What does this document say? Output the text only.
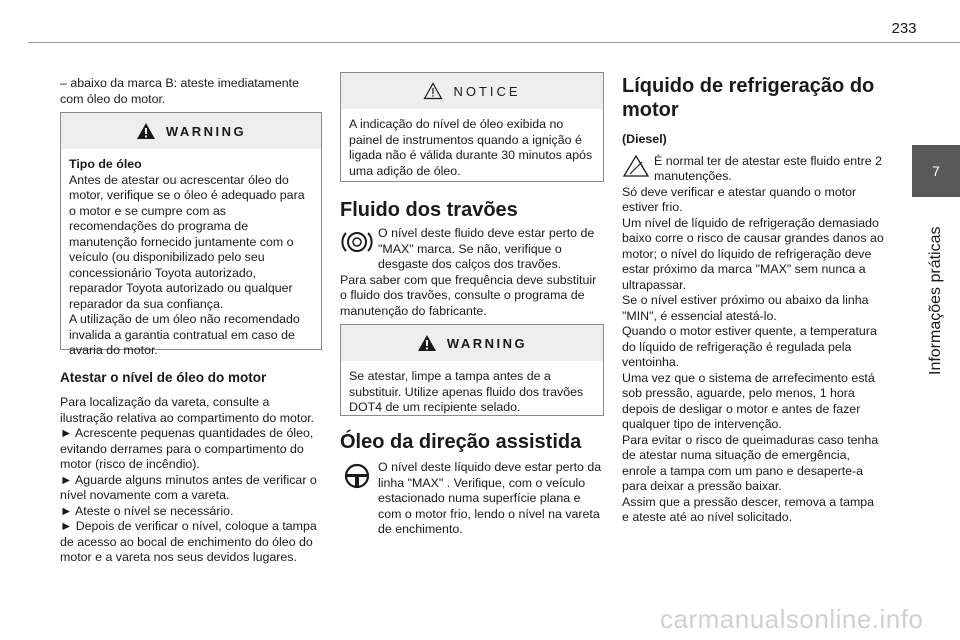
233
7
Informações práticas

– abaixo da marca B: ateste imediatamente com óleo do motor.

WARNING

Tipo de óleo

Antes de atestar ou acrescentar óleo do motor, verifique se o óleo é adequado para o motor e se cumpre com as recomendações do programa de manutenção fornecido juntamente com o veículo (ou disponibilizado pelo seu concessionário Toyota autorizado, reparador Toyota autorizado ou qualquer reparador da sua confiança.

A utilização de um óleo não recomendado invalida a garantia contratual em caso de avaria do motor.

Atestar o nível de óleo do motor

Para localização da vareta, consulte a ilustração relativa ao compartimento do motor.

► Acrescente pequenas quantidades de óleo, evitando derrames para o compartimento do motor (risco de incêndio).

► Aguarde alguns minutos antes de verificar o nível novamente com a vareta.

► Ateste o nível se necessário.

► Depois de verificar o nível, coloque a tampa de acesso ao bocal de enchimento do óleo do motor e a vareta nos seus devidos lugares.

NOTICE

A indicação do nível de óleo exibida no painel de instrumentos quando a ignição é ligada não é válida durante 30 minutos após uma adição de óleo.

Fluido dos travões

O nível deste fluido deve estar perto de "MAX" marca. Se não, verifique o desgaste dos calços dos travões.

Para saber com que frequência deve substituir o fluido dos travões, consulte o programa de manutenção do fabricante.

WARNING

Se atestar, limpe a tampa antes de a substituir. Utilize apenas fluido dos travões DOT4 de um recipiente selado.

Óleo da direção assistida

O nível deste líquido deve estar perto da linha "MAX" . Verifique, com o veículo estacionado numa superfície plana e com o motor frio, lendo o nível na vareta de enchimento.

Líquido de refrigeração do motor

(Diesel)

É normal ter de atestar este fluido entre 2 manutenções.

Só deve verificar e atestar quando o motor estiver frio.

Um nível de líquido de refrigeração demasiado baixo corre o risco de causar grandes danos ao motor; o nível do líquido de refrigeração deve estar próximo da marca "MAX" sem nunca a ultrapassar.

Se o nível estiver próximo ou abaixo da linha "MIN", é essencial atestá-lo.

Quando o motor estiver quente, a temperatura do líquido de refrigeração é regulada pela ventoinha.

Uma vez que o sistema de arrefecimento está sob pressão, aguarde, pelo menos, 1 hora depois de desligar o motor e antes de fazer qualquer tipo de intervenção.

Para evitar o risco de queimaduras caso tenha de atestar numa situação de emergência, enrole a tampa com um pano e desaperte-a para deixar a pressão baixar.

Assim que a pressão descer, remova a tampa e ateste até ao nível solicitado.

carmanualsonline.info
